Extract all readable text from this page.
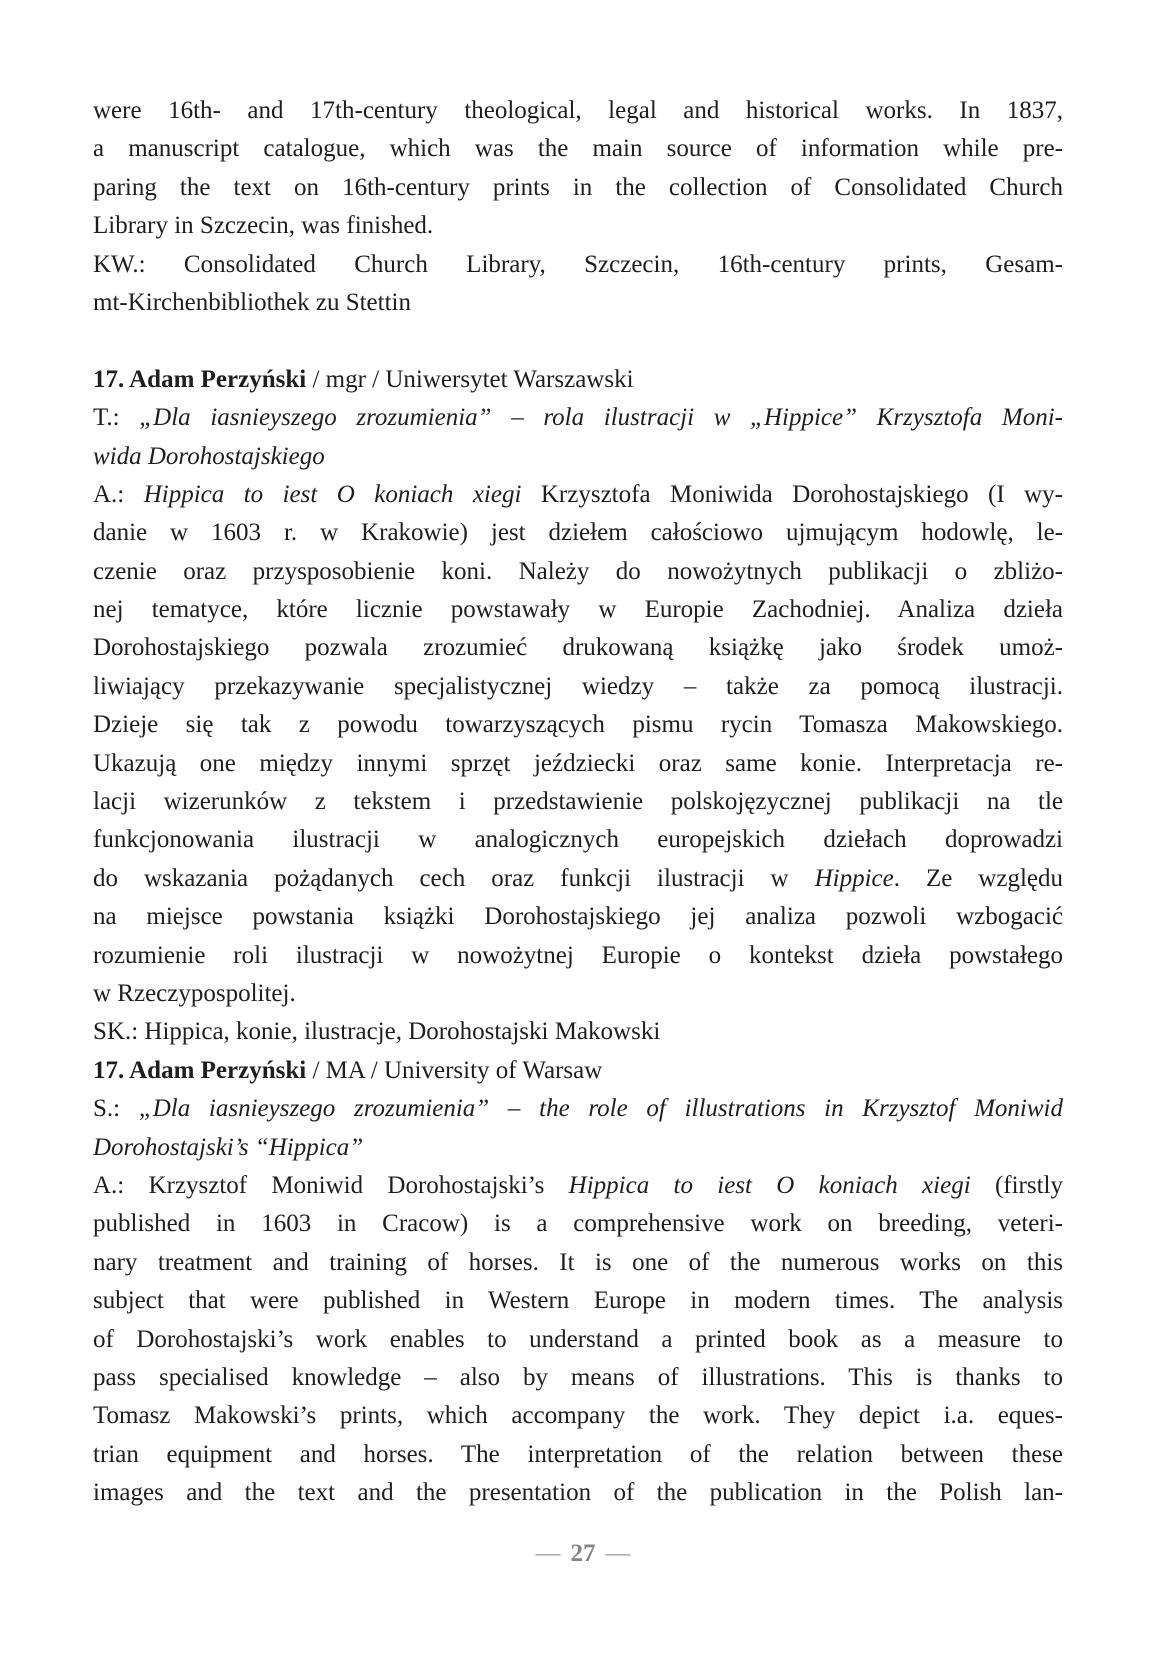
were 16th- and 17th-century theological, legal and historical works. In 1837,
a manuscript catalogue, which was the main source of information while pre-
paring the text on 16th-century prints in the collection of Consolidated Church
Library in Szczecin, was finished.
KW.: Consolidated Church Library, Szczecin, 16th-century prints, Gesam-
mt-Kirchenbibliothek zu Stettin
17. Adam Perzyński / mgr / Uniwersytet Warszawski
T.: „Dla iasnieyszego zrozumienia” – rola ilustracji w „Hippice” Krzysztofa Moni-
wida Dorohostajskiego
A.: Hippica to iest O koniach xiegi Krzysztofa Moniwida Dorohostajskiego (I wy-
danie w 1603 r. w Krakowie) jest dziełem całościowo ujmującym hodowlę, le-
czenie oraz przysposobienie koni. Należy do nowożytnych publikacji o zbliżo-
nej tematyce, które licznie powstawały w Europie Zachodniej. Analiza dzieła
Dorohostajskiego pozwala zrozumieć drukowaną książkę jako środek umoż-
liwiający przekazywanie specjalistycznej wiedzy – także za pomocą ilustracji.
Dzieje się tak z powodu towarzyszących pismu rycin Tomasza Makowskiego.
Ukazują one między innymi sprzęt jeździecki oraz same konie. Interpretacja re-
lacji wizerunków z tekstem i przedstawienie polskojęzycznej publikacji na tle
funkcjonowania ilustracji w analogicznych europejskich dziełach doprowadzi
do wskazania pożądanych cech oraz funkcji ilustracji w Hippice. Ze względu
na miejsce powstania książki Dorohostajskiego jej analiza pozwoli wzbogacić
rozumienie roli ilustracji w nowożytnej Europie o kontekst dzieła powstałego
w Rzeczypospolitej.
SK.: Hippica, konie, ilustracje, Dorohostajski Makowski
17. Adam Perzyński / MA / University of Warsaw
S.: „Dla iasnieyszego zrozumienia” – the role of illustrations in Krzysztof Moniwid
Dorohostajski’s “Hippica”
A.: Krzysztof Moniwid Dorohostajski’s Hippica to iest O koniach xiegi (firstly
published in 1603 in Cracow) is a comprehensive work on breeding, veteri-
nary treatment and training of horses. It is one of the numerous works on this
subject that were published in Western Europe in modern times. The analysis
of Dorohostajski’s work enables to understand a printed book as a measure to
pass specialised knowledge – also by means of illustrations. This is thanks to
Tomasz Makowski’s prints, which accompany the work. They depict i.a. eques-
trian equipment and horses. The interpretation of the relation between these
images and the text and the presentation of the publication in the Polish lan-
— 27 —
